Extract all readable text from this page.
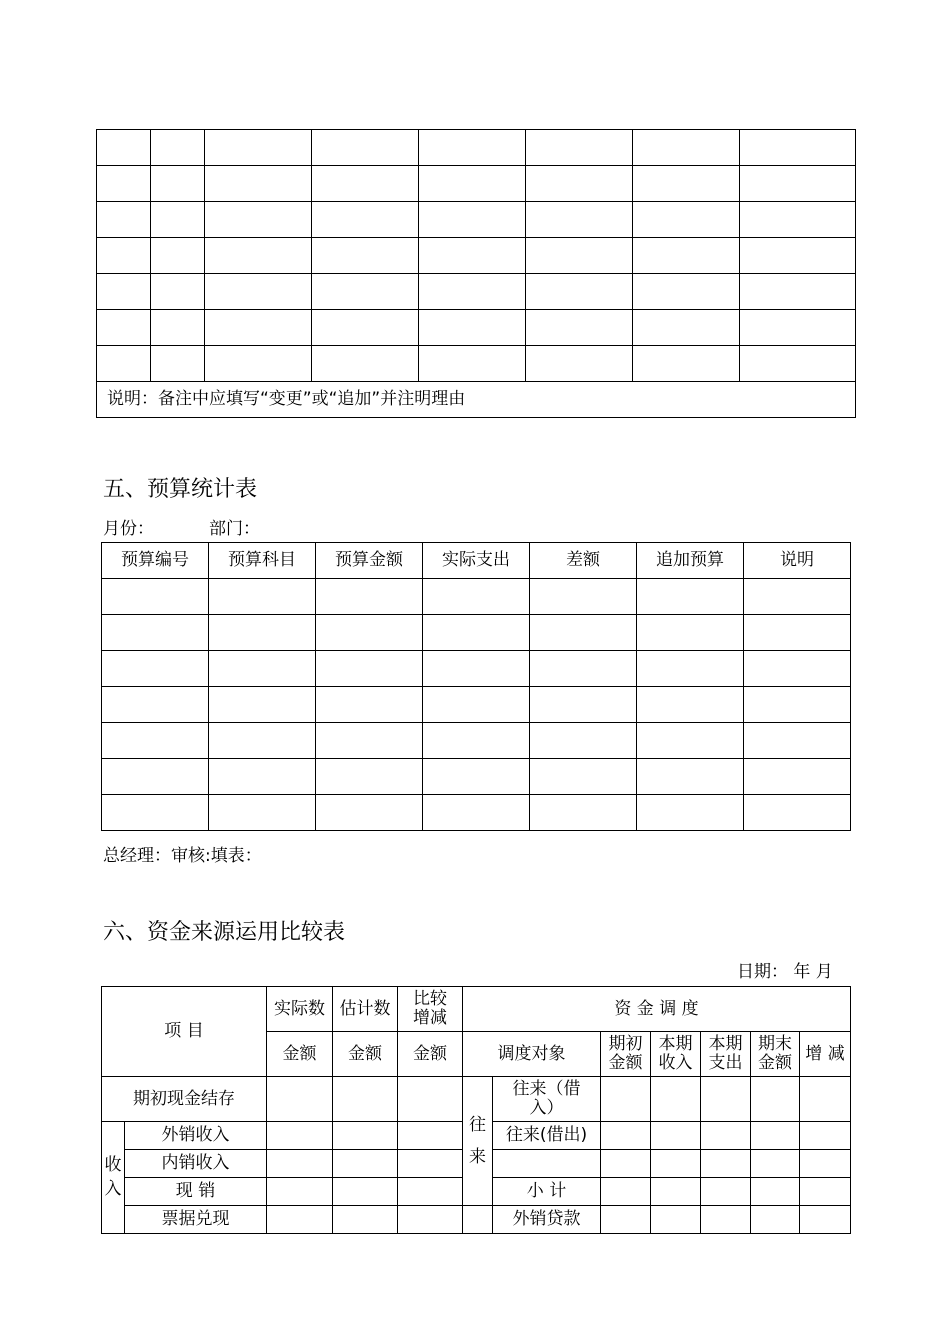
说明：备注中应填写“变更”或“追加”并注明理由							
五、预算统计表
月份：	部门：
预算编号	预算科目	预算金额	实际支出	差额	追加预算	说明

总经理：审核:填表：
六、资金来源运用比较表
日期： 年 月
项 目		实际数	估计数	比较增减	资 金 调 度						
		金额	金额	金额	调度对象		期初金额	本期收入	本期支出	期末金额	增 减
期初现金结存					往来	往来（借入）					
收入	外销收入					往来(借出)					
	内销收入										
	现 销					小 计					
	票据兑现					外销贷款					
